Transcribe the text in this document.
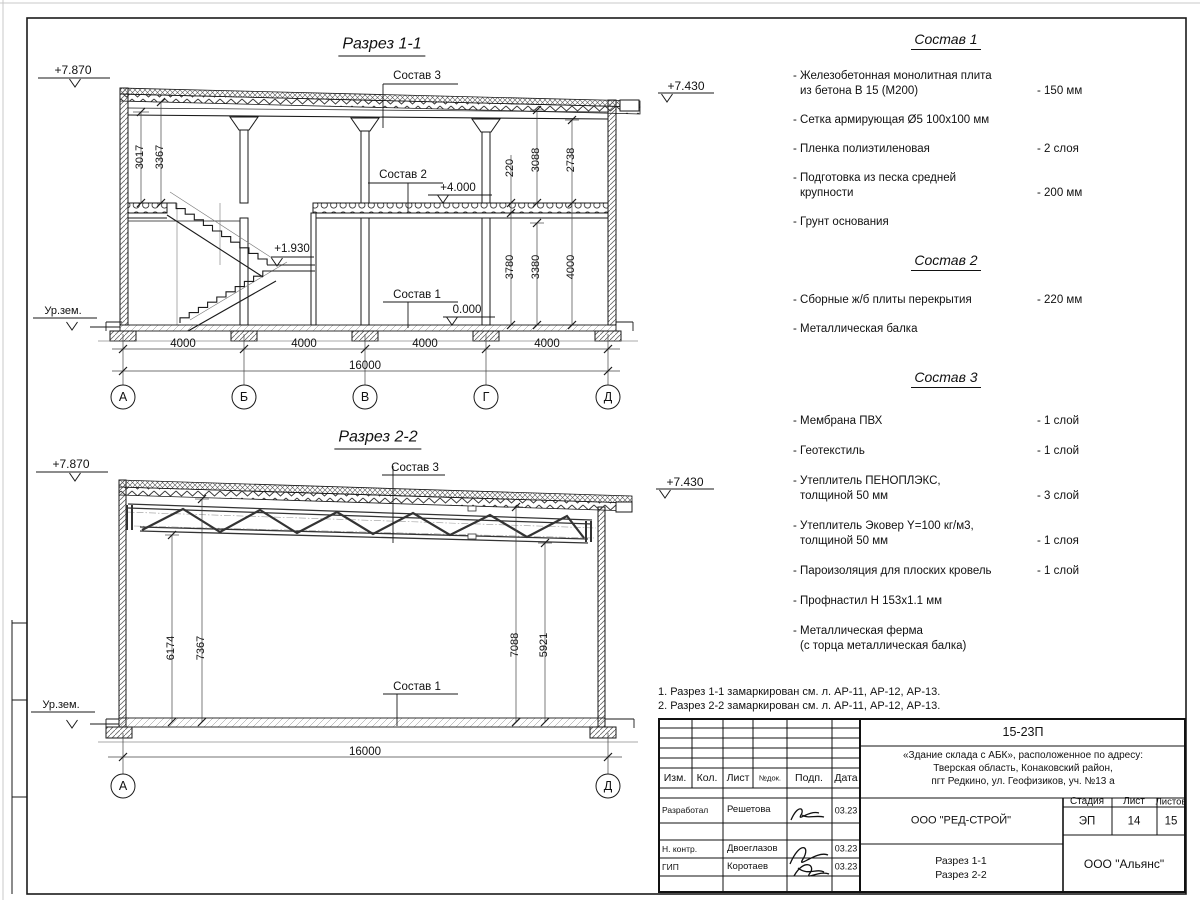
Разрез 1-1
+7.870
+7.430
Состав 3
Состав 2
+4.000
Состав 1
0.000
+1.930
Ур.зем.
3017 3367	220 3088 2738
3780 3380 4000
4000	4000	4000	4000
16000
А	Б	В	Г	Д
Разрез 2-2
+7.870
+7.430
Состав 3
Состав 1
Ур.зем.
6174 7367	7088 5921
16000
А	Д
Состав 1
- Железобетонная монолитная плита
из бетона В 15 (М200)	- 150 мм
- Сетка армирующая Ø5 100х100 мм
- Пленка полиэтиленовая	- 2 слоя
- Подготовка из песка средней
крупности	- 200 мм
- Грунт основания
Состав 2
- Сборные ж/б плиты перекрытия	- 220 мм
- Металлическая балка
Состав 3
- Мембрана ПВХ	- 1 слой
- Геотекстиль	- 1 слой
- Утеплитель ПЕНОПЛЭКС,
толщиной 50 мм	- 3 слой
- Утеплитель Эковер Y=100 кг/м3,
толщиной 50 мм	- 1 слоя
- Пароизоляция для плоских кровель	- 1 слой
- Профнастил Н 153х1.1 мм
- Металлическая ферма
(с торца металлическая балка)
1. Разрез 1-1 замаркирован см. л. АР-11, АР-12, АР-13.
2. Разрез 2-2 замаркирован см. л. АР-11, АР-12, АР-13.
15-23П
«Здание склада с АБК», расположенное по адресу:
Тверская область, Конаковский район,
пгт Редкино, ул. Геофизиков, уч. №13 а
Изм. Кол. Лист №док. Подп. Дата
Разработал Решетова	03.23
Н. контр.	Двоеглазов	03.23
ГИП	Коротаев	03.23
ООО "РЕД-СТРОЙ"
Стадия Лист Листов
ЭП	14 15
Разрез 1-1
Разрез 2-2
ООО "Альянс"
